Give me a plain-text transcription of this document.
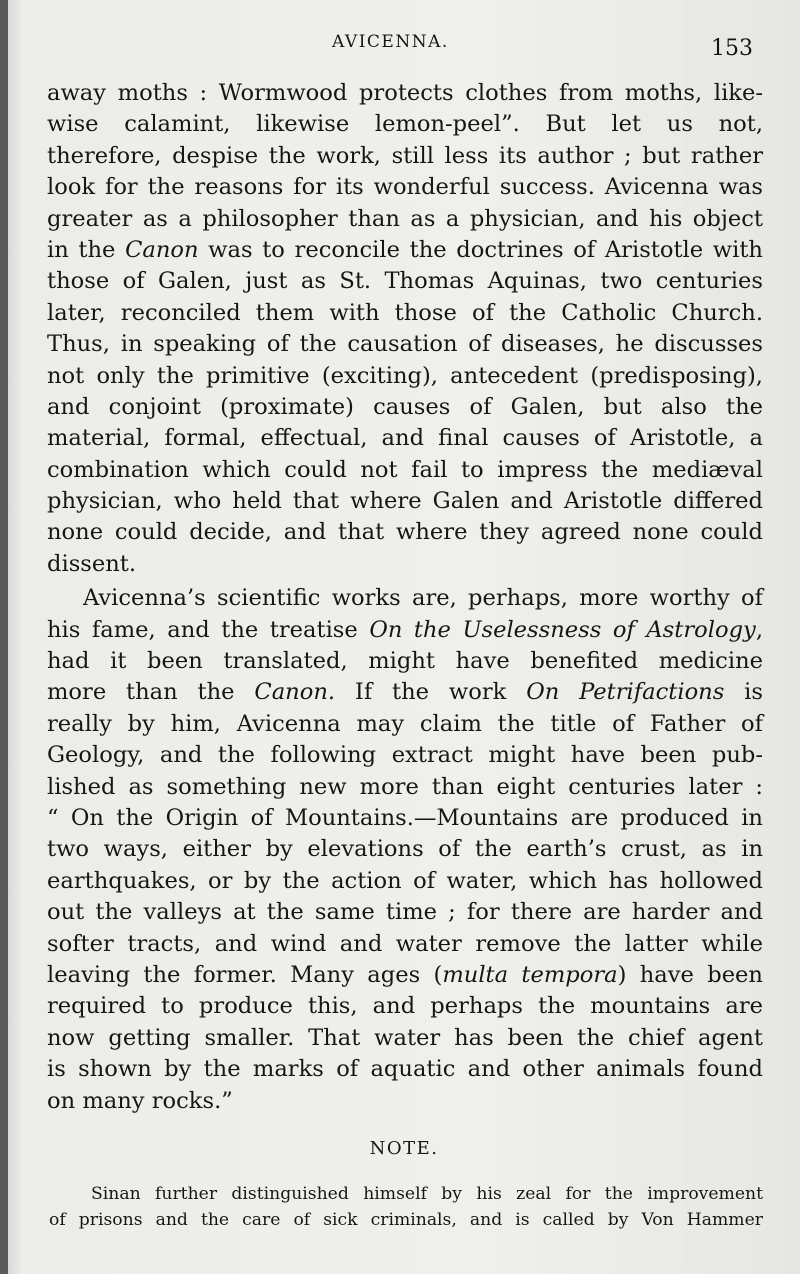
AVICENNA.	153
away moths : Wormwood protects clothes from moths, like-
wise calamint, likewise lemon-peel”. But let us not,
therefore, despise the work, still less its author ; but rather
look for the reasons for its wonderful success. Avicenna was
greater as a philosopher than as a physician, and his object
in the Canon was to reconcile the doctrines of Aristotle with
those of Galen, just as St. Thomas Aquinas, two centuries
later, reconciled them with those of the Catholic Church.
Thus, in speaking of the causation of diseases, he discusses
not only the primitive (exciting), antecedent (predisposing),
and conjoint (proximate) causes of Galen, but also the
material, formal, effectual, and final causes of Aristotle, a
combination which could not fail to impress the mediæval
physician, who held that where Galen and Aristotle differed
none could decide, and that where they agreed none could
dissent.
Avicenna’s scientific works are, perhaps, more worthy of
his fame, and the treatise On the Uselessness of Astrology,
had it been translated, might have benefited medicine
more than the Canon. If the work On Petrifactions is
really by him, Avicenna may claim the title of Father of
Geology, and the following extract might have been pub-
lished as something new more than eight centuries later :
“ On the Origin of Mountains.—Mountains are produced in
two ways, either by elevations of the earth’s crust, as in
earthquakes, or by the action of water, which has hollowed
out the valleys at the same time ; for there are harder and
softer tracts, and wind and water remove the latter while
leaving the former. Many ages (multa tempora) have been
required to produce this, and perhaps the mountains are
now getting smaller. That water has been the chief agent
is shown by the marks of aquatic and other animals found
on many rocks.”
NOTE.
Sinan further distinguished himself by his zeal for the improvement
of prisons and the care of sick criminals, and is called by Von Hammer
